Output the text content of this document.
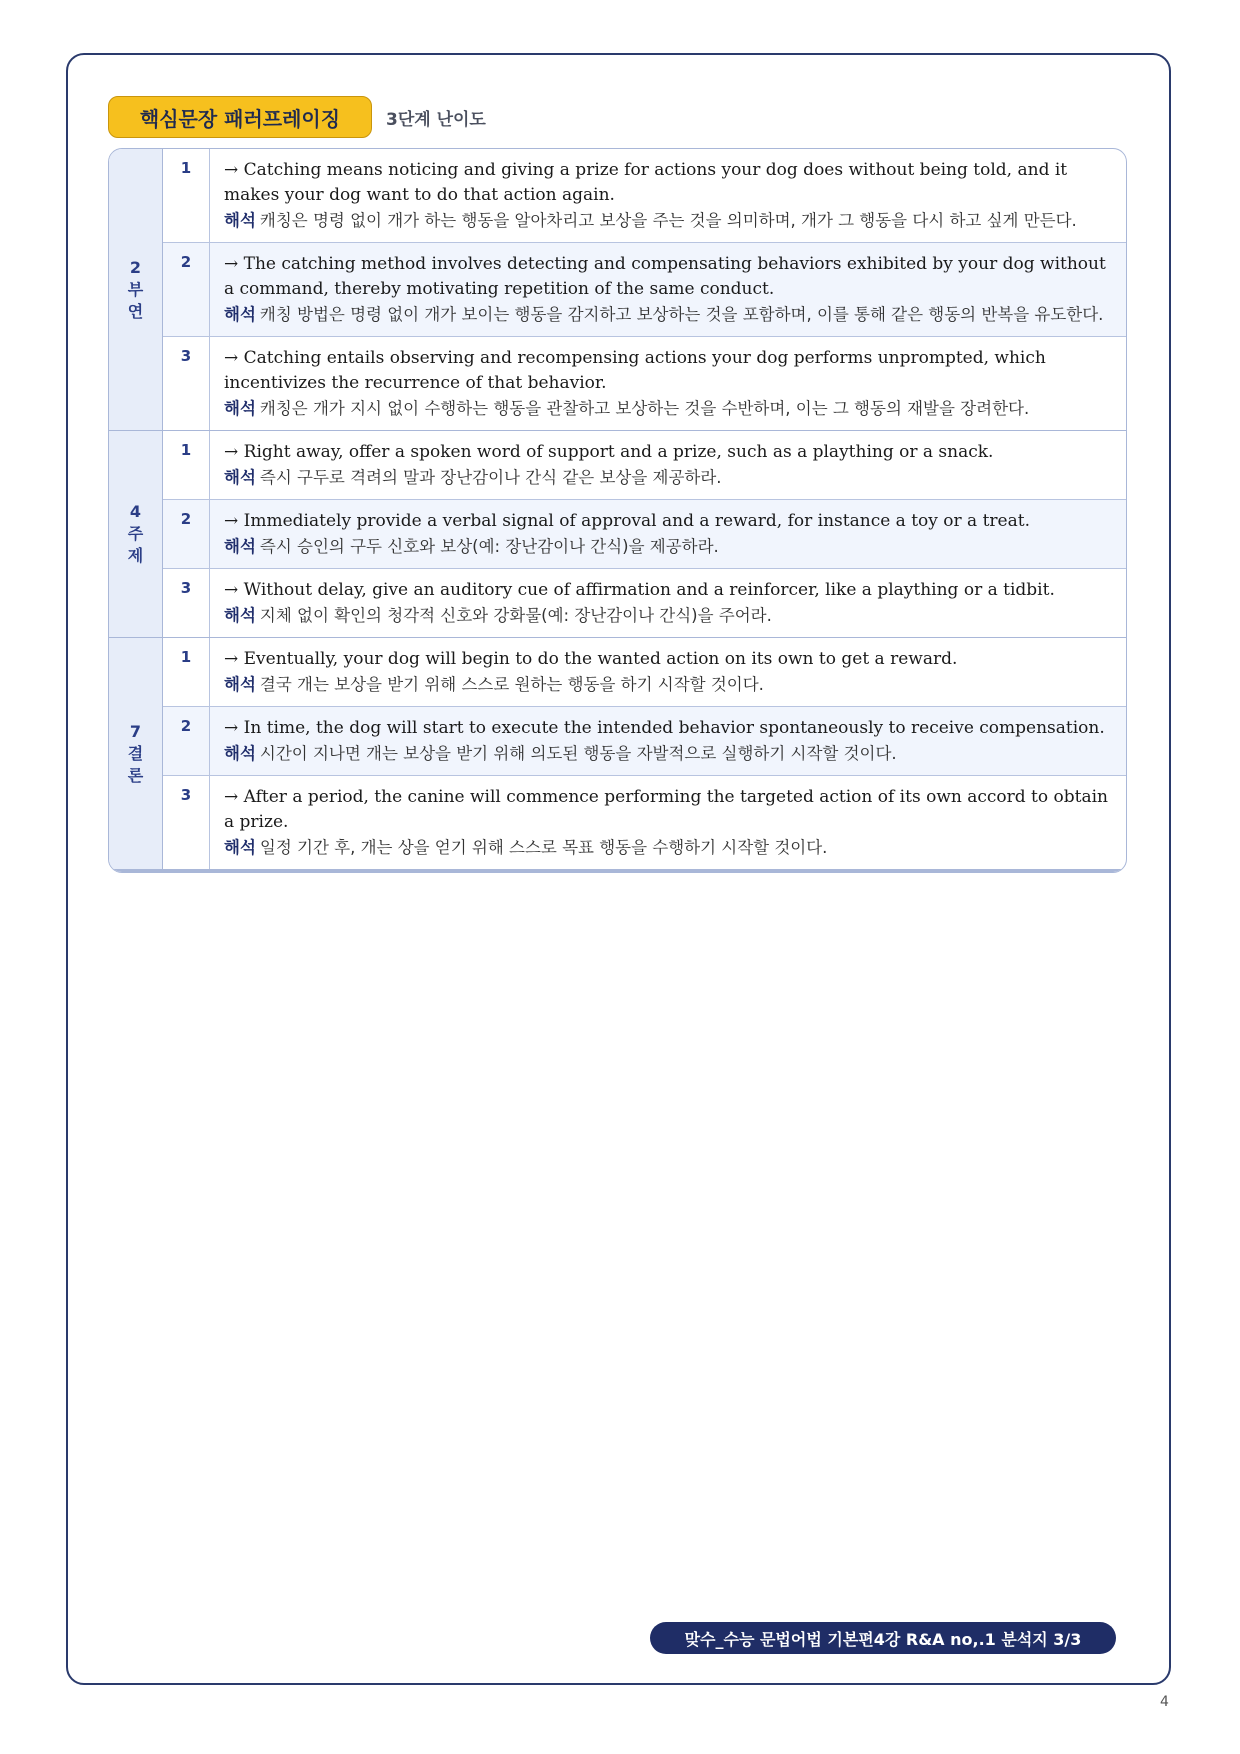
핵심문장 패러프레이징	3단계 난이도
2
부
연
1	→ Catching means noticing and giving a prize for actions your dog does without being told, and it makes your dog want to do that action again.
해석 캐칭은 명령 없이 개가 하는 행동을 알아차리고 보상을 주는 것을 의미하며, 개가 그 행동을 다시 하고 싶게 만든다.
2	→ The catching method involves detecting and compensating behaviors exhibited by your dog without a command, thereby motivating repetition of the same conduct.
해석 캐칭 방법은 명령 없이 개가 보이는 행동을 감지하고 보상하는 것을 포함하며, 이를 통해 같은 행동의 반복을 유도한다.
3	→ Catching entails observing and recompensing actions your dog performs unprompted, which incentivizes the recurrence of that behavior.
해석 캐칭은 개가 지시 없이 수행하는 행동을 관찰하고 보상하는 것을 수반하며, 이는 그 행동의 재발을 장려한다.
4
주
제
1	→ Right away, offer a spoken word of support and a prize, such as a plaything or a snack.
해석 즉시 구두로 격려의 말과 장난감이나 간식 같은 보상을 제공하라.
2	→ Immediately provide a verbal signal of approval and a reward, for instance a toy or a treat.
해석 즉시 승인의 구두 신호와 보상(예: 장난감이나 간식)을 제공하라.
3	→ Without delay, give an auditory cue of affirmation and a reinforcer, like a plaything or a tidbit.
해석 지체 없이 확인의 청각적 신호와 강화물(예: 장난감이나 간식)을 주어라.
7
결
론
1	→ Eventually, your dog will begin to do the wanted action on its own to get a reward.
해석 결국 개는 보상을 받기 위해 스스로 원하는 행동을 하기 시작할 것이다.
2	→ In time, the dog will start to execute the intended behavior spontaneously to receive compensation.
해석 시간이 지나면 개는 보상을 받기 위해 의도된 행동을 자발적으로 실행하기 시작할 것이다.
3	→ After a period, the canine will commence performing the targeted action of its own accord to obtain a prize.
해석 일정 기간 후, 개는 상을 얻기 위해 스스로 목표 행동을 수행하기 시작할 것이다.
맞수_수능 문법어법 기본편4강 R&A no,.1 분석지 3/3
4
